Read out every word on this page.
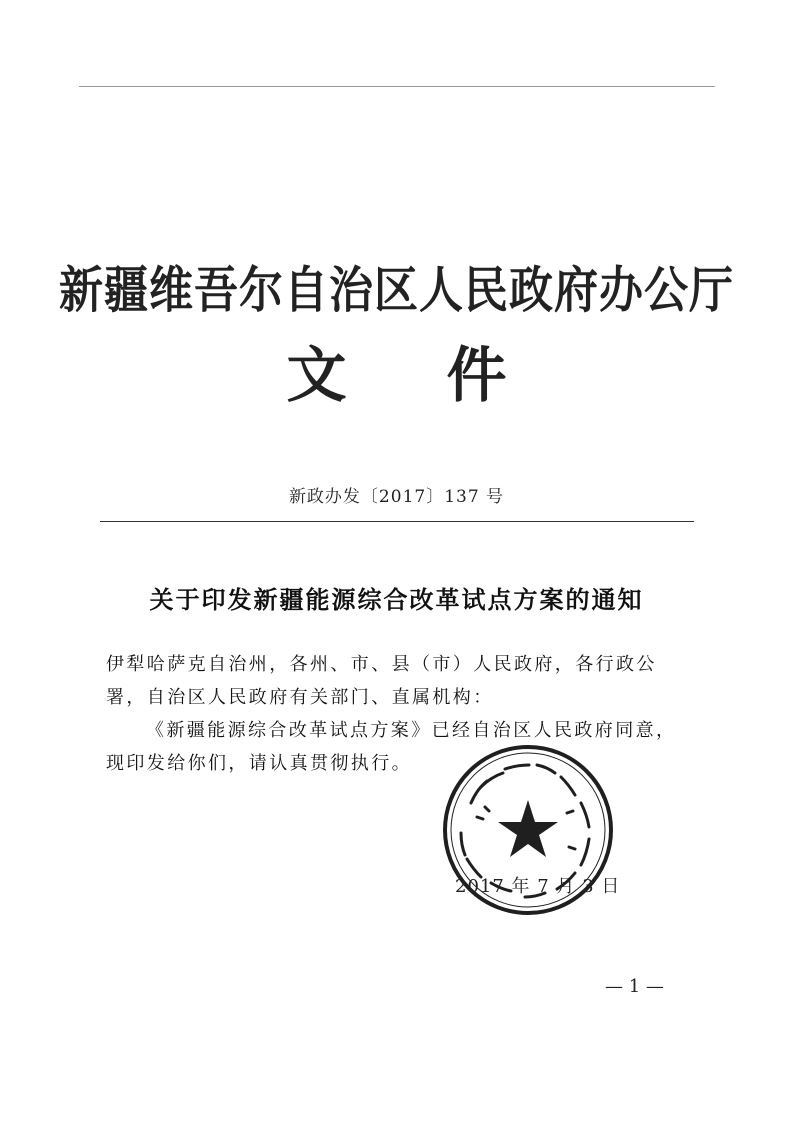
新疆维吾尔自治区人民政府办公厅
文 件
新政办发〔2017〕137 号
关于印发新疆能源综合改革试点方案的通知
伊犁哈萨克自治州，各州、市、县（市）人民政府，各行政公署，自治区人民政府有关部门、直属机构：
《新疆能源综合改革试点方案》已经自治区人民政府同意，现印发给你们，请认真贯彻执行。
2017 年 7 月 3 日
— 1 —
